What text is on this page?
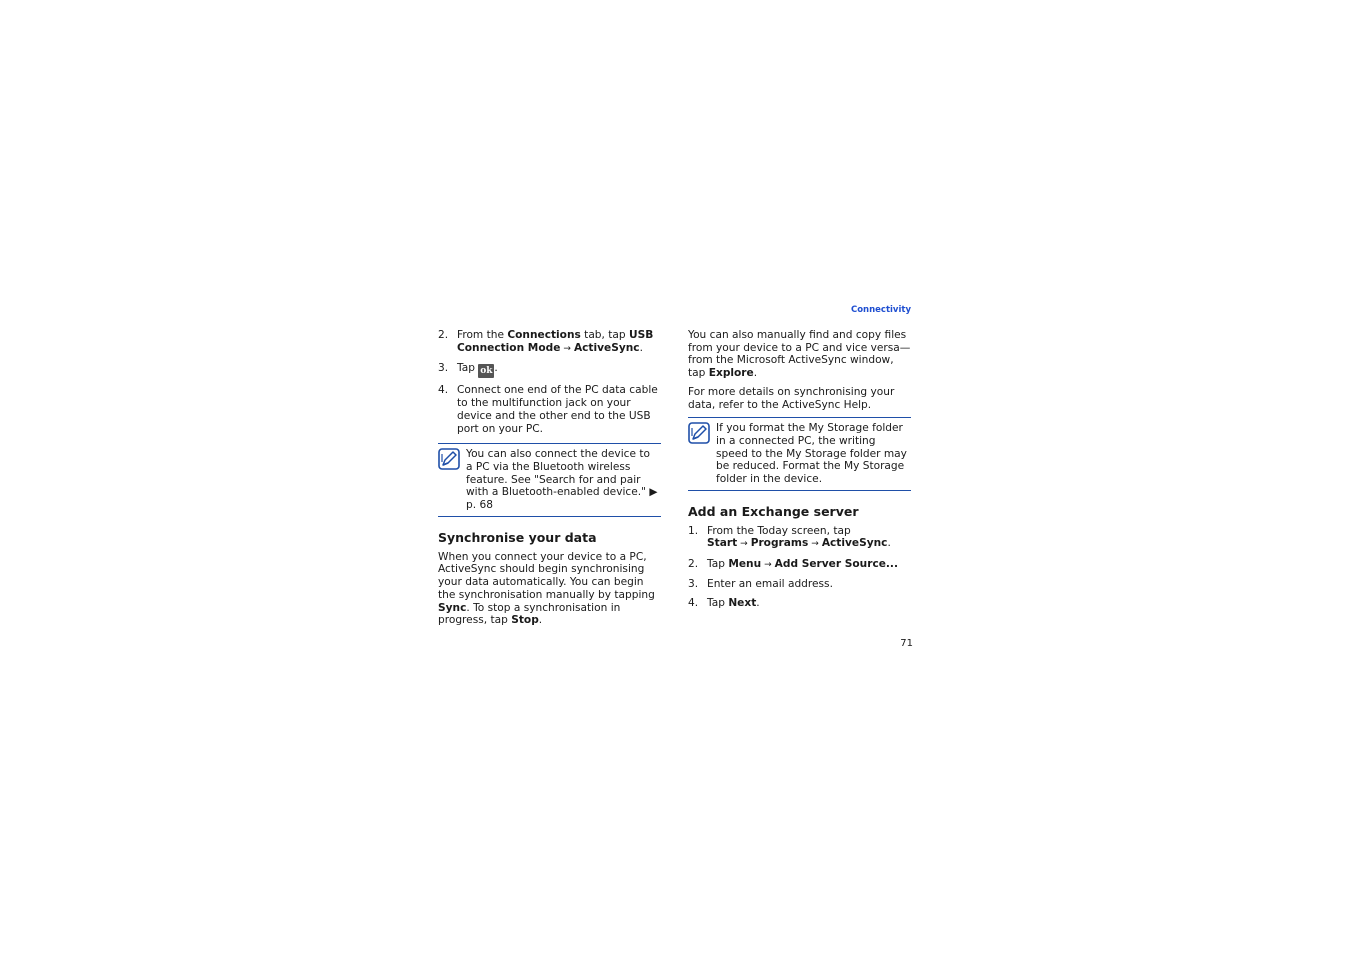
Connectivity
2. From the Connections tab, tap USB Connection Mode → ActiveSync.
3. Tap ok .
4. Connect one end of the PC data cable to the multifunction jack on your device and the other end to the USB port on your PC.

You can also connect the device to a PC via the Bluetooth wireless feature. See "Search for and pair with a Bluetooth-enabled device." ▶ p. 68

Synchronise your data

When you connect your device to a PC, ActiveSync should begin synchronising your data automatically. You can begin the synchronisation manually by tapping Sync. To stop a synchronisation in progress, tap Stop.

You can also manually find and copy files from your device to a PC and vice versa—from the Microsoft ActiveSync window, tap Explore.

For more details on synchronising your data, refer to the ActiveSync Help.

If you format the My Storage folder in a connected PC, the writing speed to the My Storage folder may be reduced. Format the My Storage folder in the device.

Add an Exchange server
1. From the Today screen, tap Start → Programs → ActiveSync.
2. Tap Menu → Add Server Source...
3. Enter an email address.
4. Tap Next.
71
